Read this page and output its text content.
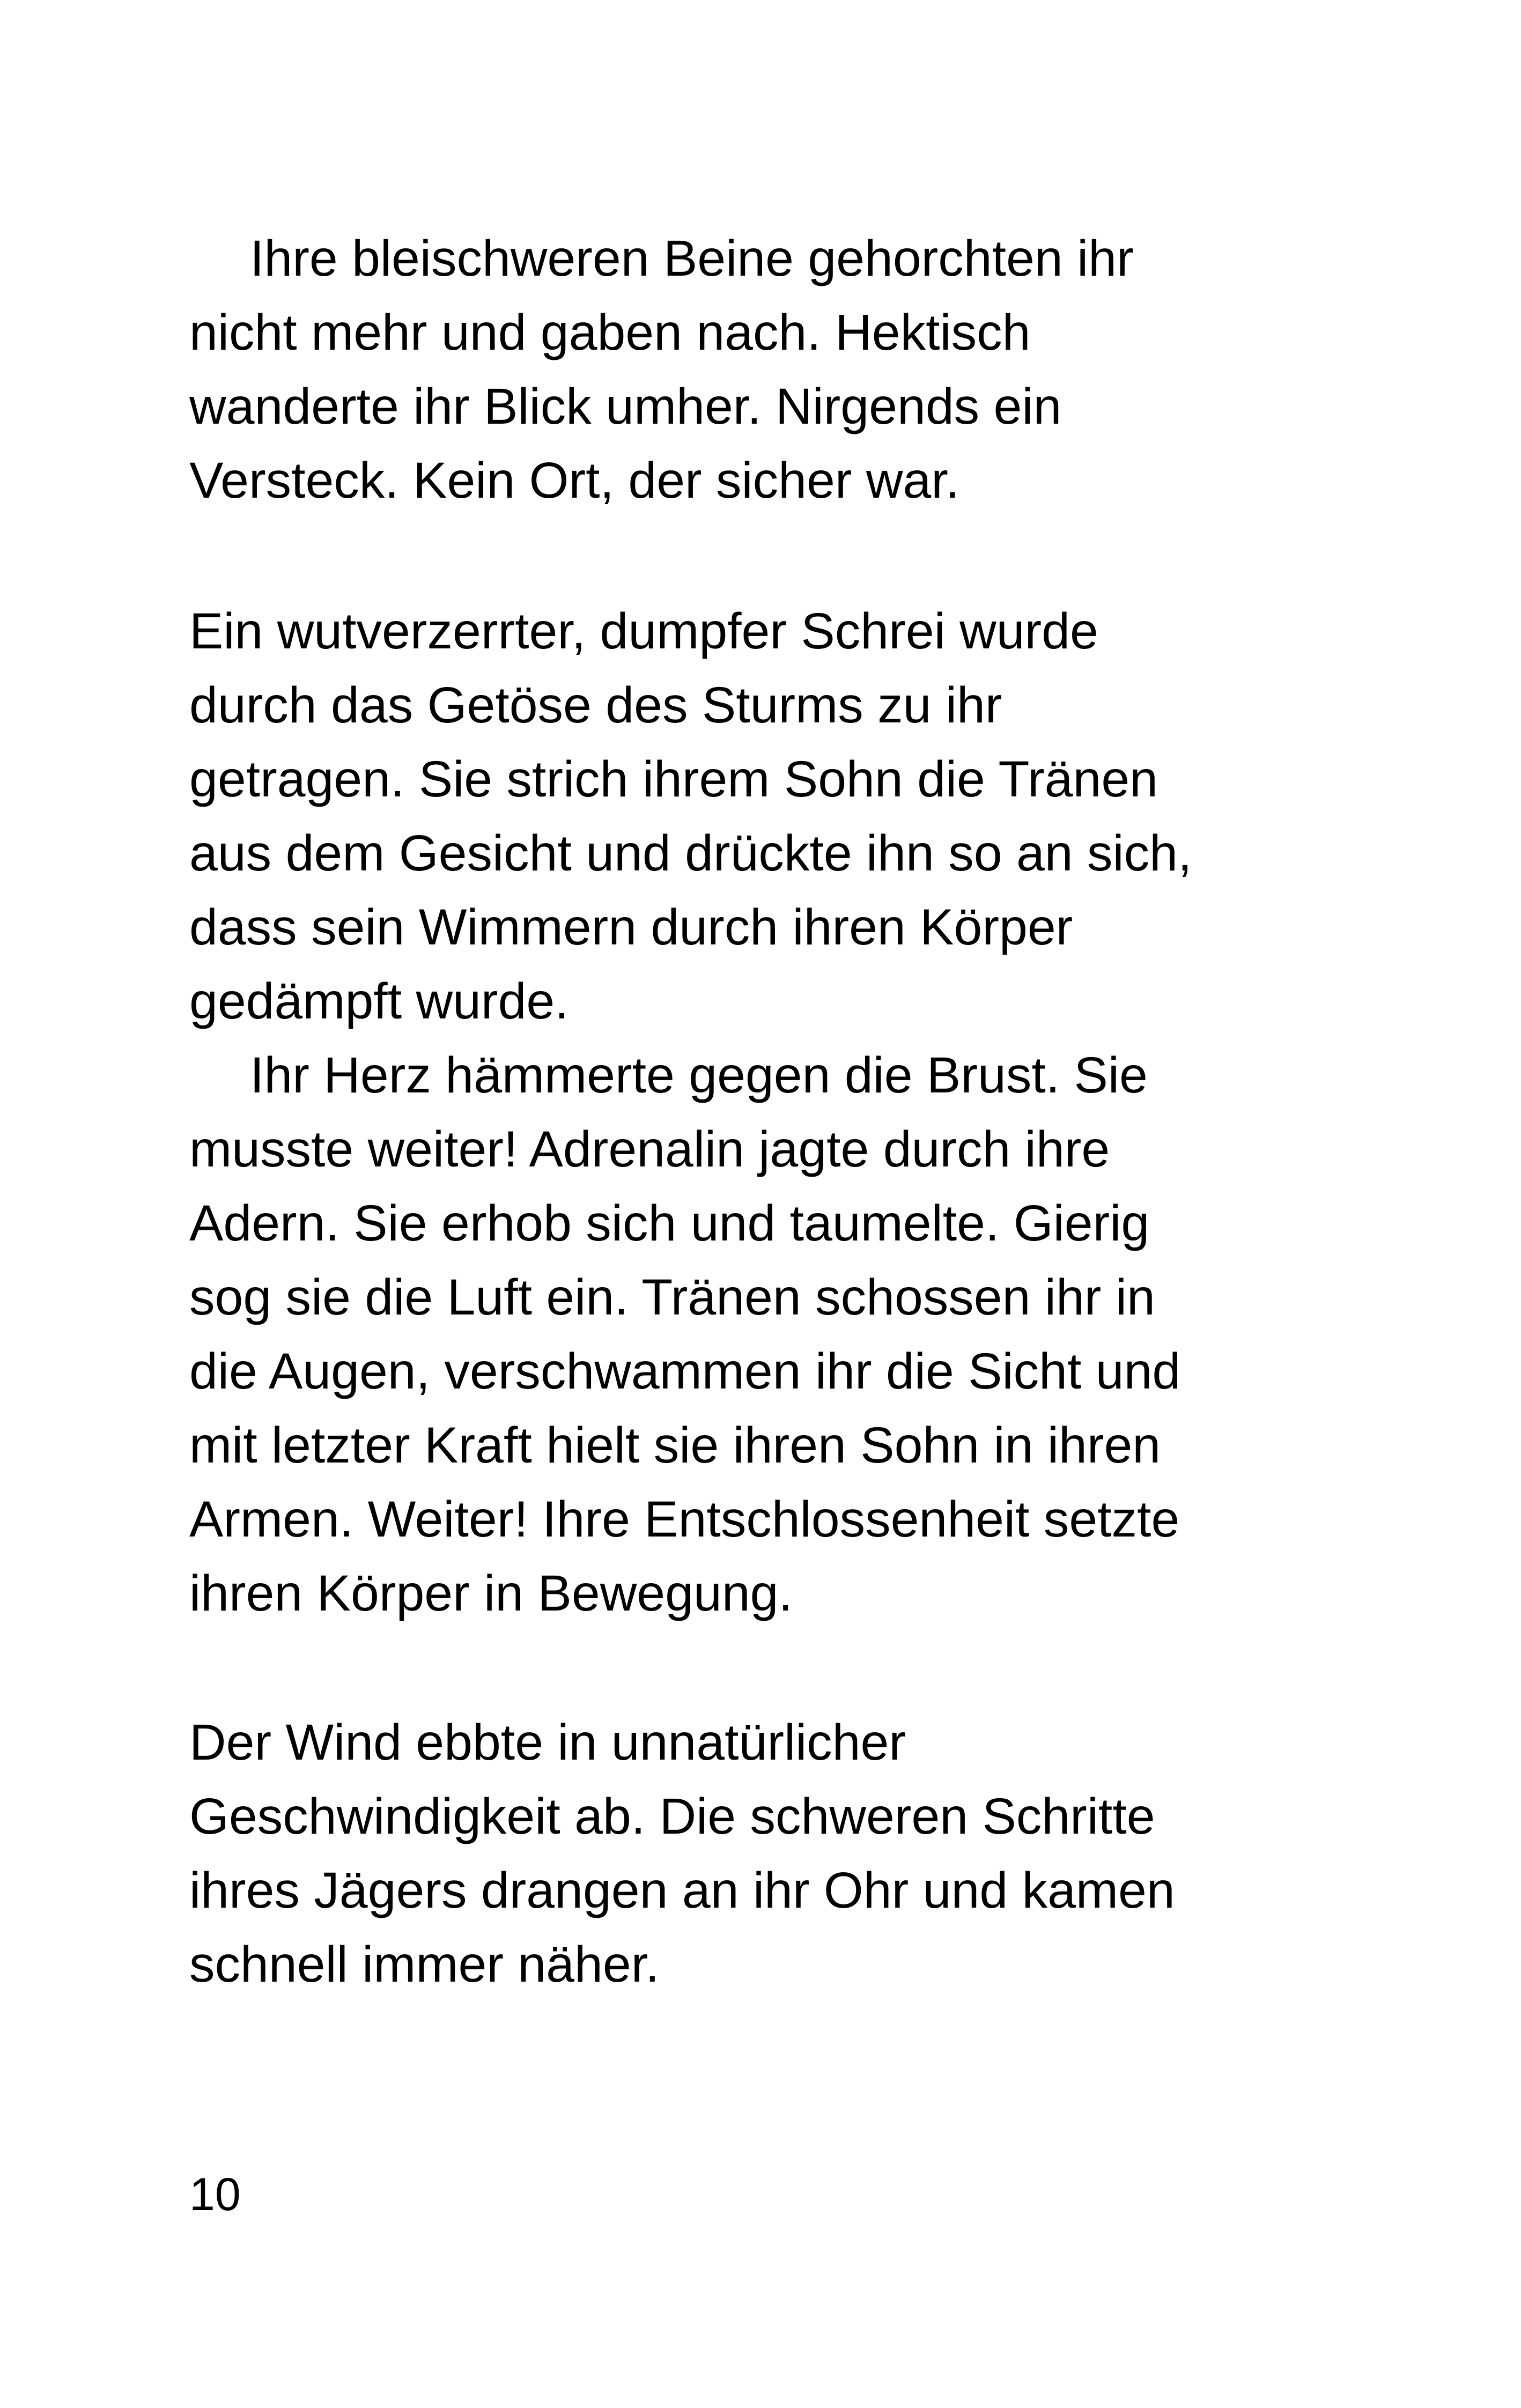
Ihre bleischweren Beine gehorchten ihr
nicht mehr und gaben nach. Hektisch
wanderte ihr Blick umher. Nirgends ein
Versteck. Kein Ort, der sicher war.

Ein wutverzerrter, dumpfer Schrei wurde
durch das Getöse des Sturms zu ihr
getragen. Sie strich ihrem Sohn die Tränen
aus dem Gesicht und drückte ihn so an sich,
dass sein Wimmern durch ihren Körper
gedämpft wurde.

Ihr Herz hämmerte gegen die Brust. Sie
musste weiter! Adrenalin jagte durch ihre
Adern. Sie erhob sich und taumelte. Gierig
sog sie die Luft ein. Tränen schossen ihr in
die Augen, verschwammen ihr die Sicht und
mit letzter Kraft hielt sie ihren Sohn in ihren
Armen. Weiter! Ihre Entschlossenheit setzte
ihren Körper in Bewegung.

Der Wind ebbte in unnatürlicher
Geschwindigkeit ab. Die schweren Schritte
ihres Jägers drangen an ihr Ohr und kamen
schnell immer näher.

10
